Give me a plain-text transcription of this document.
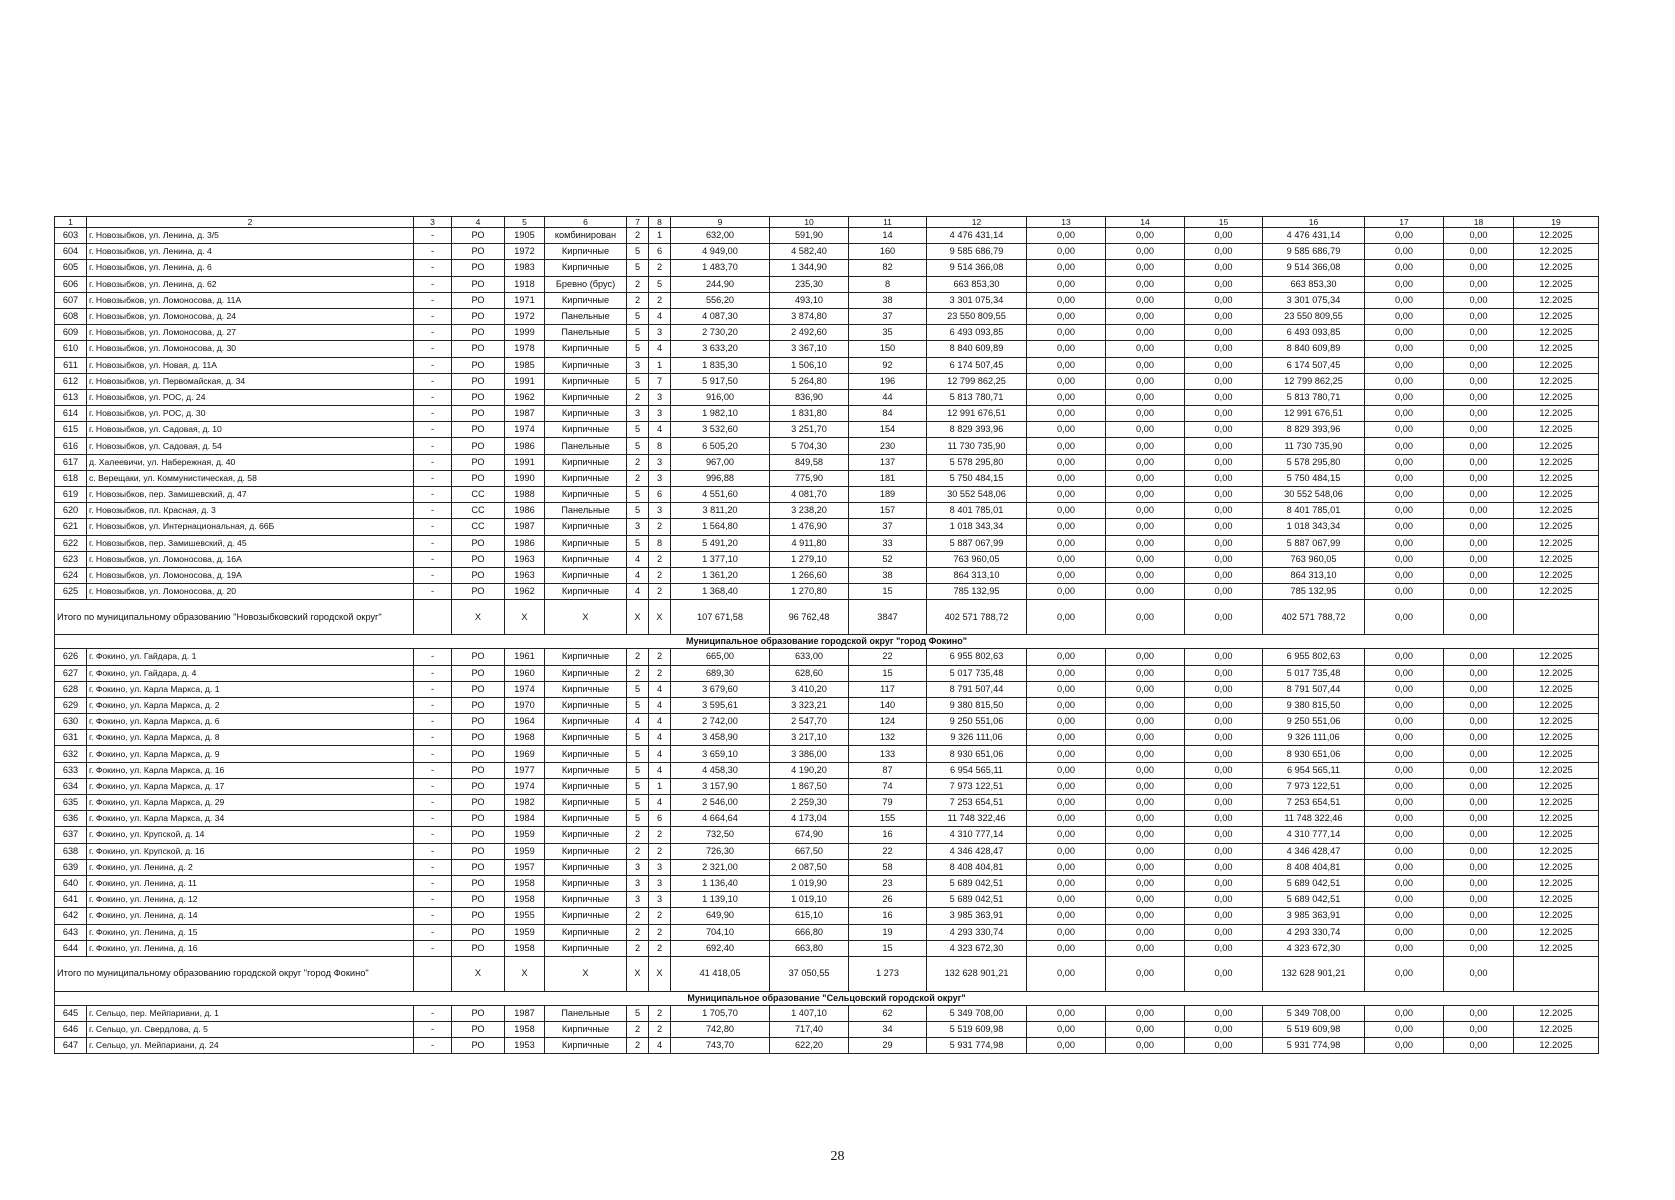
1	2	3	4	5	6	7	8	9	10	11	12	13	14	15	16	17	18	19
603	г. Новозыбков, ул. Ленина, д. 3/5	-	РО	1905	комбинирован	2	1	632,00	591,90	14	4 476 431,14	0,00	0,00	0,00	4 476 431,14	0,00	0,00	12.2025
604	г. Новозыбков, ул. Ленина, д. 4	-	РО	1972	Кирпичные	5	6	4 949,00	4 582,40	160	9 585 686,79	0,00	0,00	0,00	9 585 686,79	0,00	0,00	12.2025
605	г. Новозыбков, ул. Ленина, д. 6	-	РО	1983	Кирпичные	5	2	1 483,70	1 344,90	82	9 514 366,08	0,00	0,00	0,00	9 514 366,08	0,00	0,00	12.2025
606	г. Новозыбков, ул. Ленина, д. 62	-	РО	1918	Бревно (брус)	2	5	244,90	235,30	8	663 853,30	0,00	0,00	0,00	663 853,30	0,00	0,00	12.2025
607	г. Новозыбков, ул. Ломоносова, д. 11А	-	РО	1971	Кирпичные	2	2	556,20	493,10	38	3 301 075,34	0,00	0,00	0,00	3 301 075,34	0,00	0,00	12.2025
608	г. Новозыбков, ул. Ломоносова, д. 24	-	РО	1972	Панельные	5	4	4 087,30	3 874,80	37	23 550 809,55	0,00	0,00	0,00	23 550 809,55	0,00	0,00	12.2025
609	г. Новозыбков, ул. Ломоносова, д. 27	-	РО	1999	Панельные	5	3	2 730,20	2 492,60	35	6 493 093,85	0,00	0,00	0,00	6 493 093,85	0,00	0,00	12.2025
610	г. Новозыбков, ул. Ломоносова, д. 30	-	РО	1978	Кирпичные	5	4	3 633,20	3 367,10	150	8 840 609,89	0,00	0,00	0,00	8 840 609,89	0,00	0,00	12.2025
611	г. Новозыбков, ул. Новая, д. 11А	-	РО	1985	Кирпичные	3	1	1 835,30	1 506,10	92	6 174 507,45	0,00	0,00	0,00	6 174 507,45	0,00	0,00	12.2025
612	г. Новозыбков, ул. Первомайская, д. 34	-	РО	1991	Кирпичные	5	7	5 917,50	5 264,80	196	12 799 862,25	0,00	0,00	0,00	12 799 862,25	0,00	0,00	12.2025
613	г. Новозыбков, ул. РОС, д. 24	-	РО	1962	Кирпичные	2	3	916,00	836,90	44	5 813 780,71	0,00	0,00	0,00	5 813 780,71	0,00	0,00	12.2025
614	г. Новозыбков, ул. РОС, д. 30	-	РО	1987	Кирпичные	3	3	1 982,10	1 831,80	84	12 991 676,51	0,00	0,00	0,00	12 991 676,51	0,00	0,00	12.2025
615	г. Новозыбков, ул. Садовая, д. 10	-	РО	1974	Кирпичные	5	4	3 532,60	3 251,70	154	8 829 393,96	0,00	0,00	0,00	8 829 393,96	0,00	0,00	12.2025
616	г. Новозыбков, ул. Садовая, д. 54	-	РО	1986	Панельные	5	8	6 505,20	5 704,30	230	11 730 735,90	0,00	0,00	0,00	11 730 735,90	0,00	0,00	12.2025
617	д. Халеевичи, ул. Набережная, д. 40	-	РО	1991	Кирпичные	2	3	967,00	849,58	137	5 578 295,80	0,00	0,00	0,00	5 578 295,80	0,00	0,00	12.2025
618	с. Верещаки, ул. Коммунистическая, д. 58	-	РО	1990	Кирпичные	2	3	996,88	775,90	181	5 750 484,15	0,00	0,00	0,00	5 750 484,15	0,00	0,00	12.2025
619	г. Новозыбков, пер. Замишевский, д. 47	-	СС	1988	Кирпичные	5	6	4 551,60	4 081,70	189	30 552 548,06	0,00	0,00	0,00	30 552 548,06	0,00	0,00	12.2025
620	г. Новозыбков, пл. Красная, д. 3	-	СС	1986	Панельные	5	3	3 811,20	3 238,20	157	8 401 785,01	0,00	0,00	0,00	8 401 785,01	0,00	0,00	12.2025
621	г. Новозыбков, ул. Интернациональная, д. 66Б	-	СС	1987	Кирпичные	3	2	1 564,80	1 476,90	37	1 018 343,34	0,00	0,00	0,00	1 018 343,34	0,00	0,00	12.2025
622	г. Новозыбков, пер. Замишевский, д. 45	-	РО	1986	Кирпичные	5	8	5 491,20	4 911,80	33	5 887 067,99	0,00	0,00	0,00	5 887 067,99	0,00	0,00	12.2025
623	г. Новозыбков, ул. Ломоносова, д. 16А	-	РО	1963	Кирпичные	4	2	1 377,10	1 279,10	52	763 960,05	0,00	0,00	0,00	763 960,05	0,00	0,00	12.2025
624	г. Новозыбков, ул. Ломоносова, д. 19А	-	РО	1963	Кирпичные	4	2	1 361,20	1 266,60	38	864 313,10	0,00	0,00	0,00	864 313,10	0,00	0,00	12.2025
625	г. Новозыбков, ул. Ломоносова, д. 20	-	РО	1962	Кирпичные	4	2	1 368,40	1 270,80	15	785 132,95	0,00	0,00	0,00	785 132,95	0,00	0,00	12.2025
Итого по муниципальному образованию "Новозыбковский городской округ"			X	X	X	X	X	107 671,58	96 762,48	3847	402 571 788,72	0,00	0,00	0,00	402 571 788,72	0,00	0,00	
Муниципальное образование городской округ "город Фокино"																		
626	г. Фокино, ул. Гайдара, д. 1	-	РО	1961	Кирпичные	2	2	665,00	633,00	22	6 955 802,63	0,00	0,00	0,00	6 955 802,63	0,00	0,00	12.2025
627	г. Фокино, ул. Гайдара, д. 4	-	РО	1960	Кирпичные	2	2	689,30	628,60	15	5 017 735,48	0,00	0,00	0,00	5 017 735,48	0,00	0,00	12.2025
628	г. Фокино, ул. Карла Маркса, д. 1	-	РО	1974	Кирпичные	5	4	3 679,60	3 410,20	117	8 791 507,44	0,00	0,00	0,00	8 791 507,44	0,00	0,00	12.2025
629	г. Фокино, ул. Карла Маркса, д. 2	-	РО	1970	Кирпичные	5	4	3 595,61	3 323,21	140	9 380 815,50	0,00	0,00	0,00	9 380 815,50	0,00	0,00	12.2025
630	г. Фокино, ул. Карла Маркса, д. 6	-	РО	1964	Кирпичные	4	4	2 742,00	2 547,70	124	9 250 551,06	0,00	0,00	0,00	9 250 551,06	0,00	0,00	12.2025
631	г. Фокино, ул. Карла Маркса, д. 8	-	РО	1968	Кирпичные	5	4	3 458,90	3 217,10	132	9 326 111,06	0,00	0,00	0,00	9 326 111,06	0,00	0,00	12.2025
632	г. Фокино, ул. Карла Маркса, д. 9	-	РО	1969	Кирпичные	5	4	3 659,10	3 386,00	133	8 930 651,06	0,00	0,00	0,00	8 930 651,06	0,00	0,00	12.2025
633	г. Фокино, ул. Карла Маркса, д. 16	-	РО	1977	Кирпичные	5	4	4 458,30	4 190,20	87	6 954 565,11	0,00	0,00	0,00	6 954 565,11	0,00	0,00	12.2025
634	г. Фокино, ул. Карла Маркса, д. 17	-	РО	1974	Кирпичные	5	1	3 157,90	1 867,50	74	7 973 122,51	0,00	0,00	0,00	7 973 122,51	0,00	0,00	12.2025
635	г. Фокино, ул. Карла Маркса, д. 29	-	РО	1982	Кирпичные	5	4	2 546,00	2 259,30	79	7 253 654,51	0,00	0,00	0,00	7 253 654,51	0,00	0,00	12.2025
636	г. Фокино, ул. Карла Маркса, д. 34	-	РО	1984	Кирпичные	5	6	4 664,64	4 173,04	155	11 748 322,46	0,00	0,00	0,00	11 748 322,46	0,00	0,00	12.2025
637	г. Фокино, ул. Крупской, д. 14	-	РО	1959	Кирпичные	2	2	732,50	674,90	16	4 310 777,14	0,00	0,00	0,00	4 310 777,14	0,00	0,00	12.2025
638	г. Фокино, ул. Крупской, д. 16	-	РО	1959	Кирпичные	2	2	726,30	667,50	22	4 346 428,47	0,00	0,00	0,00	4 346 428,47	0,00	0,00	12.2025
639	г. Фокино, ул. Ленина, д. 2	-	РО	1957	Кирпичные	3	3	2 321,00	2 087,50	58	8 408 404,81	0,00	0,00	0,00	8 408 404,81	0,00	0,00	12.2025
640	г. Фокино, ул. Ленина, д. 11	-	РО	1958	Кирпичные	3	3	1 136,40	1 019,90	23	5 689 042,51	0,00	0,00	0,00	5 689 042,51	0,00	0,00	12.2025
641	г. Фокино, ул. Ленина, д. 12	-	РО	1958	Кирпичные	3	3	1 139,10	1 019,10	26	5 689 042,51	0,00	0,00	0,00	5 689 042,51	0,00	0,00	12.2025
642	г. Фокино, ул. Ленина, д. 14	-	РО	1955	Кирпичные	2	2	649,90	615,10	16	3 985 363,91	0,00	0,00	0,00	3 985 363,91	0,00	0,00	12.2025
643	г. Фокино, ул. Ленина, д. 15	-	РО	1959	Кирпичные	2	2	704,10	666,80	19	4 293 330,74	0,00	0,00	0,00	4 293 330,74	0,00	0,00	12.2025
644	г. Фокино, ул. Ленина, д. 16	-	РО	1958	Кирпичные	2	2	692,40	663,80	15	4 323 672,30	0,00	0,00	0,00	4 323 672,30	0,00	0,00	12.2025
Итого по муниципальному образованию городской округ "город Фокино"			X	X	X	X	X	41 418,05	37 050,55	1 273	132 628 901,21	0,00	0,00	0,00	132 628 901,21	0,00	0,00	
Муниципальное образование "Сельцовский городской округ"																		
645	г. Сельцо, пер. Мейпариани, д. 1	-	РО	1987	Панельные	5	2	1 705,70	1 407,10	62	5 349 708,00	0,00	0,00	0,00	5 349 708,00	0,00	0,00	12.2025
646	г. Сельцо, ул. Свердлова, д. 5	-	РО	1958	Кирпичные	2	2	742,80	717,40	34	5 519 609,98	0,00	0,00	0,00	5 519 609,98	0,00	0,00	12.2025
647	г. Сельцо, ул. Мейпариани, д. 24	-	РО	1953	Кирпичные	2	4	743,70	622,20	29	5 931 774,98	0,00	0,00	0,00	5 931 774,98	0,00	0,00	12.2025
28
